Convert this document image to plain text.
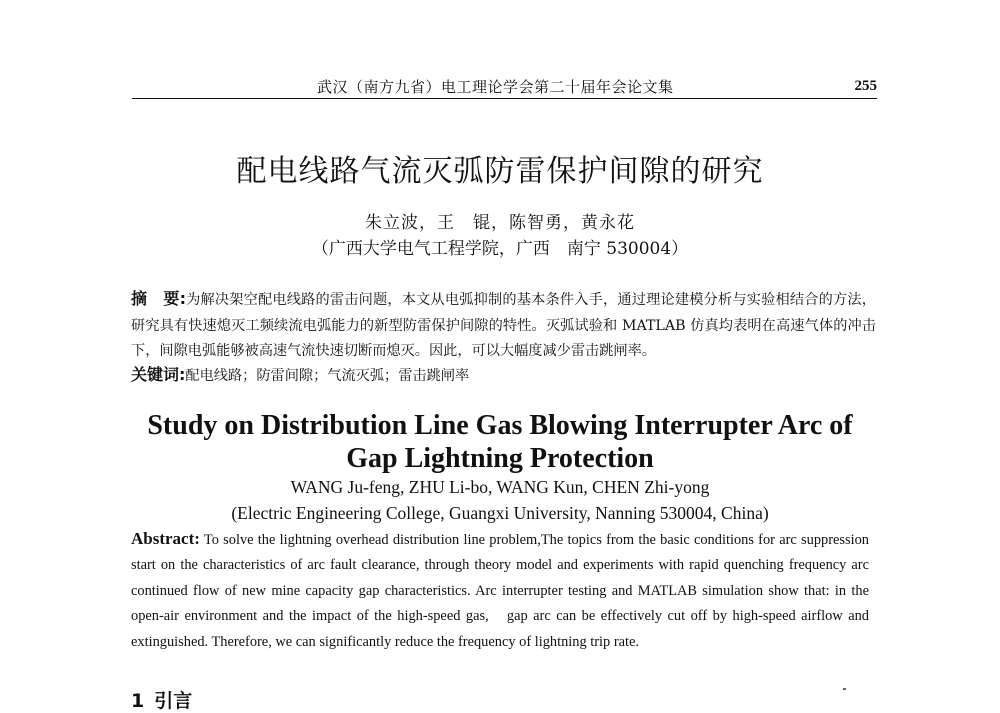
武汉（南方九省）电工理论学会第二十届年会论文集	255
配电线路气流灭弧防雷保护间隙的研究
朱立波，王　锟，陈智勇，黄永花
（广西大学电气工程学院，广西　南宁 530004）
摘　要:为解决架空配电线路的雷击问题，本文从电弧抑制的基本条件入手，通过理论建模分析与实验相结合的方法，研究具有快速熄灭工频续流电弧能力的新型防雷保护间隙的特性。灭弧试验和 MATLAB 仿真均表明在高速气体的冲击下，间隙电弧能够被高速气流快速切断而熄灭。因此，可以大幅度减少雷击跳闸率。
关键词:配电线路；防雷间隙；气流灭弧；雷击跳闸率
Study on Distribution Line Gas Blowing Interrupter Arc of
Gap Lightning Protection
WANG Ju-feng, ZHU Li-bo, WANG Kun, CHEN Zhi-yong
(Electric Engineering College, Guangxi University, Nanning 530004, China)
Abstract: To solve the lightning overhead distribution line problem,The topics from the basic conditions for arc suppression start on the characteristics of arc fault clearance, through theory model and experiments with rapid quenching frequency arc continued flow of new mine capacity gap characteristics. Arc interrupter testing and MATLAB simulation show that: in the open-air environment and the impact of the high-speed gas,　gap arc can be effectively cut off by high-speed airflow and extinguished. Therefore, we can significantly reduce the frequency of lightning trip rate.
1 引言
